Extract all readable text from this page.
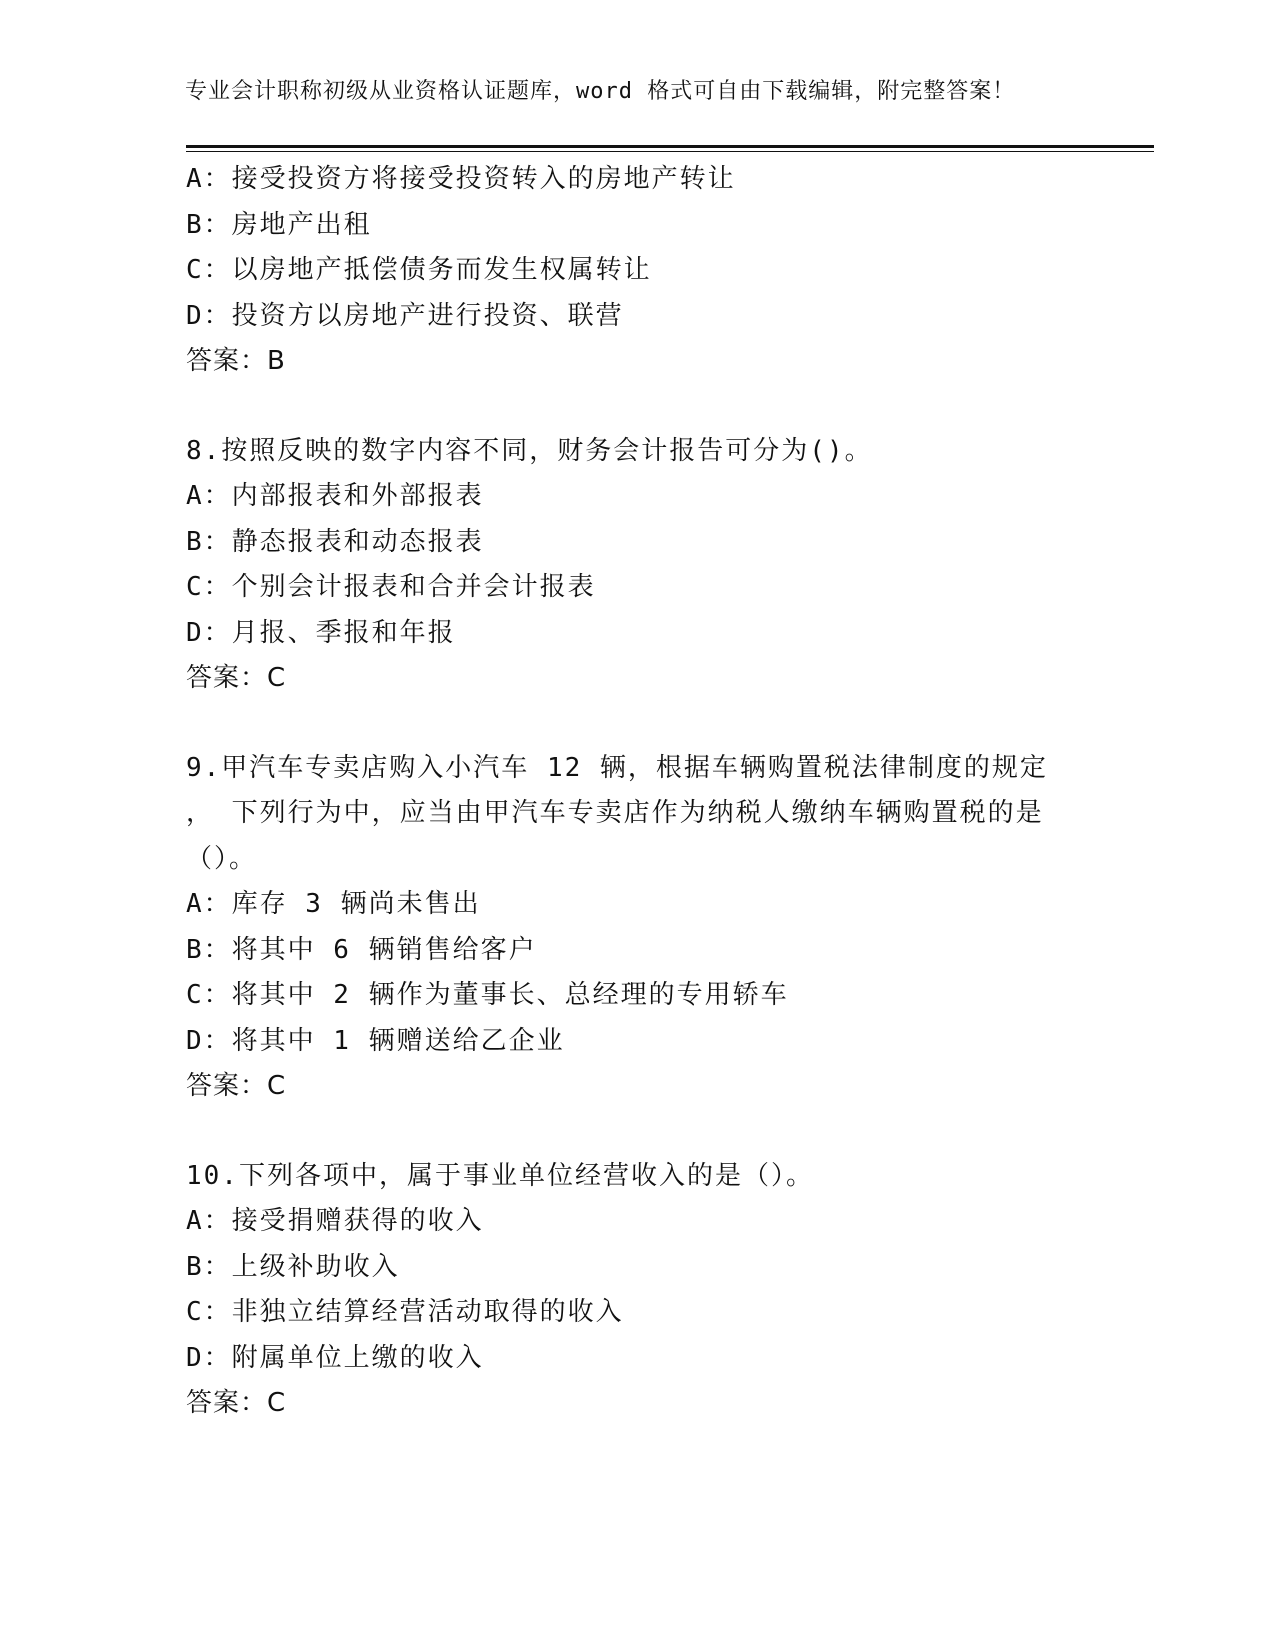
专业会计职称初级从业资格认证题库，word 格式可自由下载编辑，附完整答案！
A：接受投资方将接受投资转入的房地产转让
B：房地产出租
C：以房地产抵偿债务而发生权属转让
D：投资方以房地产进行投资、联营
答案：B
8.按照反映的数字内容不同，财务会计报告可分为()。
A：内部报表和外部报表
B：静态报表和动态报表
C：个别会计报表和合并会计报表
D：月报、季报和年报
答案：C
9.甲汽车专卖店购入小汽车 12 辆，根据车辆购置税法律制度的规定
， 下列行为中，应当由甲汽车专卖店作为纳税人缴纳车辆购置税的是
（）。
A：库存 3 辆尚未售出
B：将其中 6 辆销售给客户
C：将其中 2 辆作为董事长、总经理的专用轿车
D：将其中 1 辆赠送给乙企业
答案：C
10.下列各项中，属于事业单位经营收入的是（）。
A：接受捐赠获得的收入
B：上级补助收入
C：非独立结算经营活动取得的收入
D：附属单位上缴的收入
答案：C
